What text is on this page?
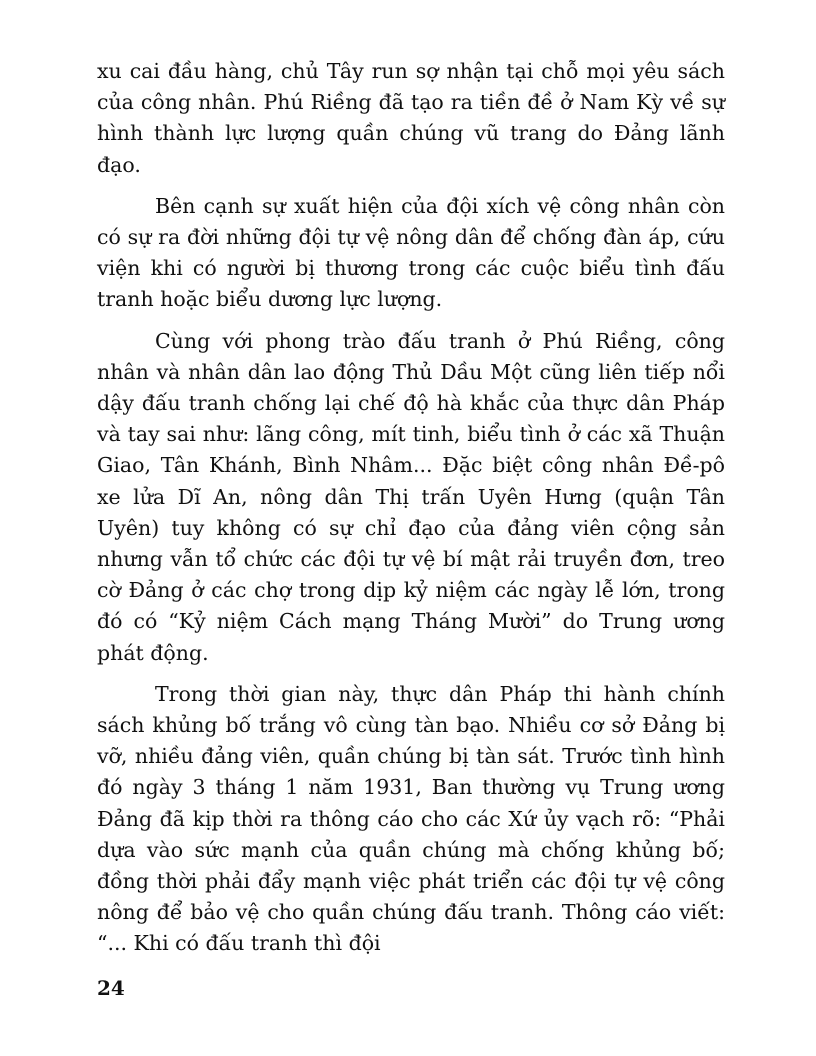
xu cai đầu hàng, chủ Tây run sợ nhận tại chỗ mọi yêu sách của công nhân. Phú Riềng đã tạo ra tiền đề ở Nam Kỳ về sự hình thành lực lượng quần chúng vũ trang do Đảng lãnh đạo.

Bên cạnh sự xuất hiện của đội xích vệ công nhân còn có sự ra đời những đội tự vệ nông dân để chống đàn áp, cứu viện khi có người bị thương trong các cuộc biểu tình đấu tranh hoặc biểu dương lực lượng.

Cùng với phong trào đấu tranh ở Phú Riềng, công nhân và nhân dân lao động Thủ Dầu Một cũng liên tiếp nổi dậy đấu tranh chống lại chế độ hà khắc của thực dân Pháp và tay sai như: lãng công, mít tinh, biểu tình ở các xã Thuận Giao, Tân Khánh, Bình Nhâm... Đặc biệt công nhân Đề-pô xe lửa Dĩ An, nông dân Thị trấn Uyên Hưng (quận Tân Uyên) tuy không có sự chỉ đạo của đảng viên cộng sản nhưng vẫn tổ chức các đội tự vệ bí mật rải truyền đơn, treo cờ Đảng ở các chợ trong dịp kỷ niệm các ngày lễ lớn, trong đó có “Kỷ niệm Cách mạng Tháng Mười” do Trung ương phát động.

Trong thời gian này, thực dân Pháp thi hành chính sách khủng bố trắng vô cùng tàn bạo. Nhiều cơ sở Đảng bị vỡ, nhiều đảng viên, quần chúng bị tàn sát. Trước tình hình đó ngày 3 tháng 1 năm 1931, Ban thường vụ Trung ương Đảng đã kịp thời ra thông cáo cho các Xứ ủy vạch rõ: “Phải dựa vào sức mạnh của quần chúng mà chống khủng bố; đồng thời phải đẩy mạnh việc phát triển các đội tự vệ công nông để bảo vệ cho quần chúng đấu tranh. Thông cáo viết: “... Khi có đấu tranh thì đội

24
